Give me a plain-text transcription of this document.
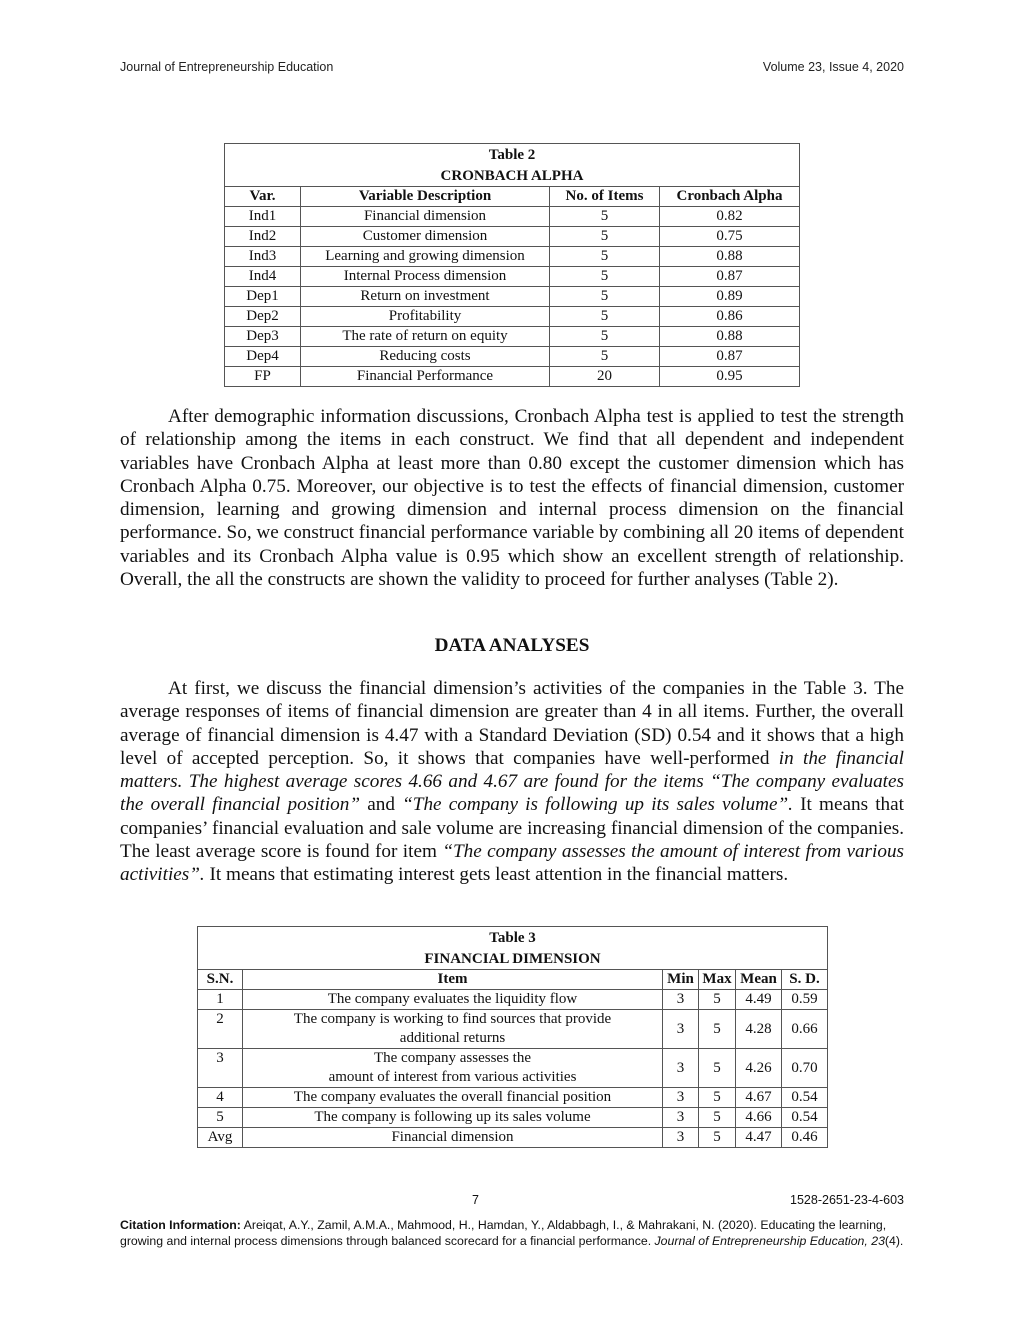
Journal of Entrepreneurship Education	Volume 23, Issue 4, 2020
Table 2			

CRONBACH ALPHA			

Var.	Variable Description	No. of Items	Cronbach Alpha
Ind1	Financial dimension	5	0.82
Ind2	Customer dimension	5	0.75
Ind3	Learning and growing dimension	5	0.88
Ind4	Internal Process dimension	5	0.87
Dep1	Return on investment	5	0.89
Dep2	Profitability	5	0.86
Dep3	The rate of return on equity	5	0.88
Dep4	Reducing costs	5	0.87
FP	Financial Performance	20	0.95

After demographic information discussions, Cronbach Alpha test is applied to test the strength of relationship among the items in each construct. We find that all dependent and independent variables have Cronbach Alpha at least more than 0.80 except the customer dimension which has Cronbach Alpha 0.75. Moreover, our objective is to test the effects of financial dimension, customer dimension, learning and growing dimension and internal process dimension on the financial performance. So, we construct financial performance variable by combining all 20 items of dependent variables and its Cronbach Alpha value is 0.95 which show an excellent strength of relationship. Overall, the all the constructs are shown the validity to proceed for further analyses (Table 2).

DATA ANALYSES

At first, we discuss the financial dimension’s activities of the companies in the Table 3. The average responses of items of financial dimension are greater than 4 in all items. Further, the overall average of financial dimension is 4.47 with a Standard Deviation (SD) 0.54 and it shows that a high level of accepted perception. So, it shows that companies have well-performed in the financial matters. The highest average scores 4.66 and 4.67 are found for the items “The company evaluates the overall financial position” and “The company is following up its sales volume”. It means that companies’ financial evaluation and sale volume are increasing financial dimension of the companies. The least average score is found for item “The company assesses the amount of interest from various activities”. It means that estimating interest gets least attention in the financial matters.

Table 3					

FINANCIAL DIMENSION					

S.N.	Item	Min	Max	Mean	S. D.
1	The company evaluates the liquidity flow	3	5	4.49	0.59
2	The company is working to find sources that provide
additional returns	3	5	4.28	0.66
3	The company assesses the
amount of interest from various activities	3	5	4.26	0.70
4	The company evaluates the overall financial position	3	5	4.67	0.54
5	The company is following up its sales volume	3	5	4.66	0.54
Avg	Financial dimension	3	5	4.47	0.46
7	1528-2651-23-4-603
Citation Information: Areiqat, A.Y., Zamil, A.M.A., Mahmood, H., Hamdan, Y., Aldabbagh, I., & Mahrakani, N. (2020). Educating the learning, growing and internal process dimensions through balanced scorecard for a financial performance. Journal of Entrepreneurship Education, 23(4).
